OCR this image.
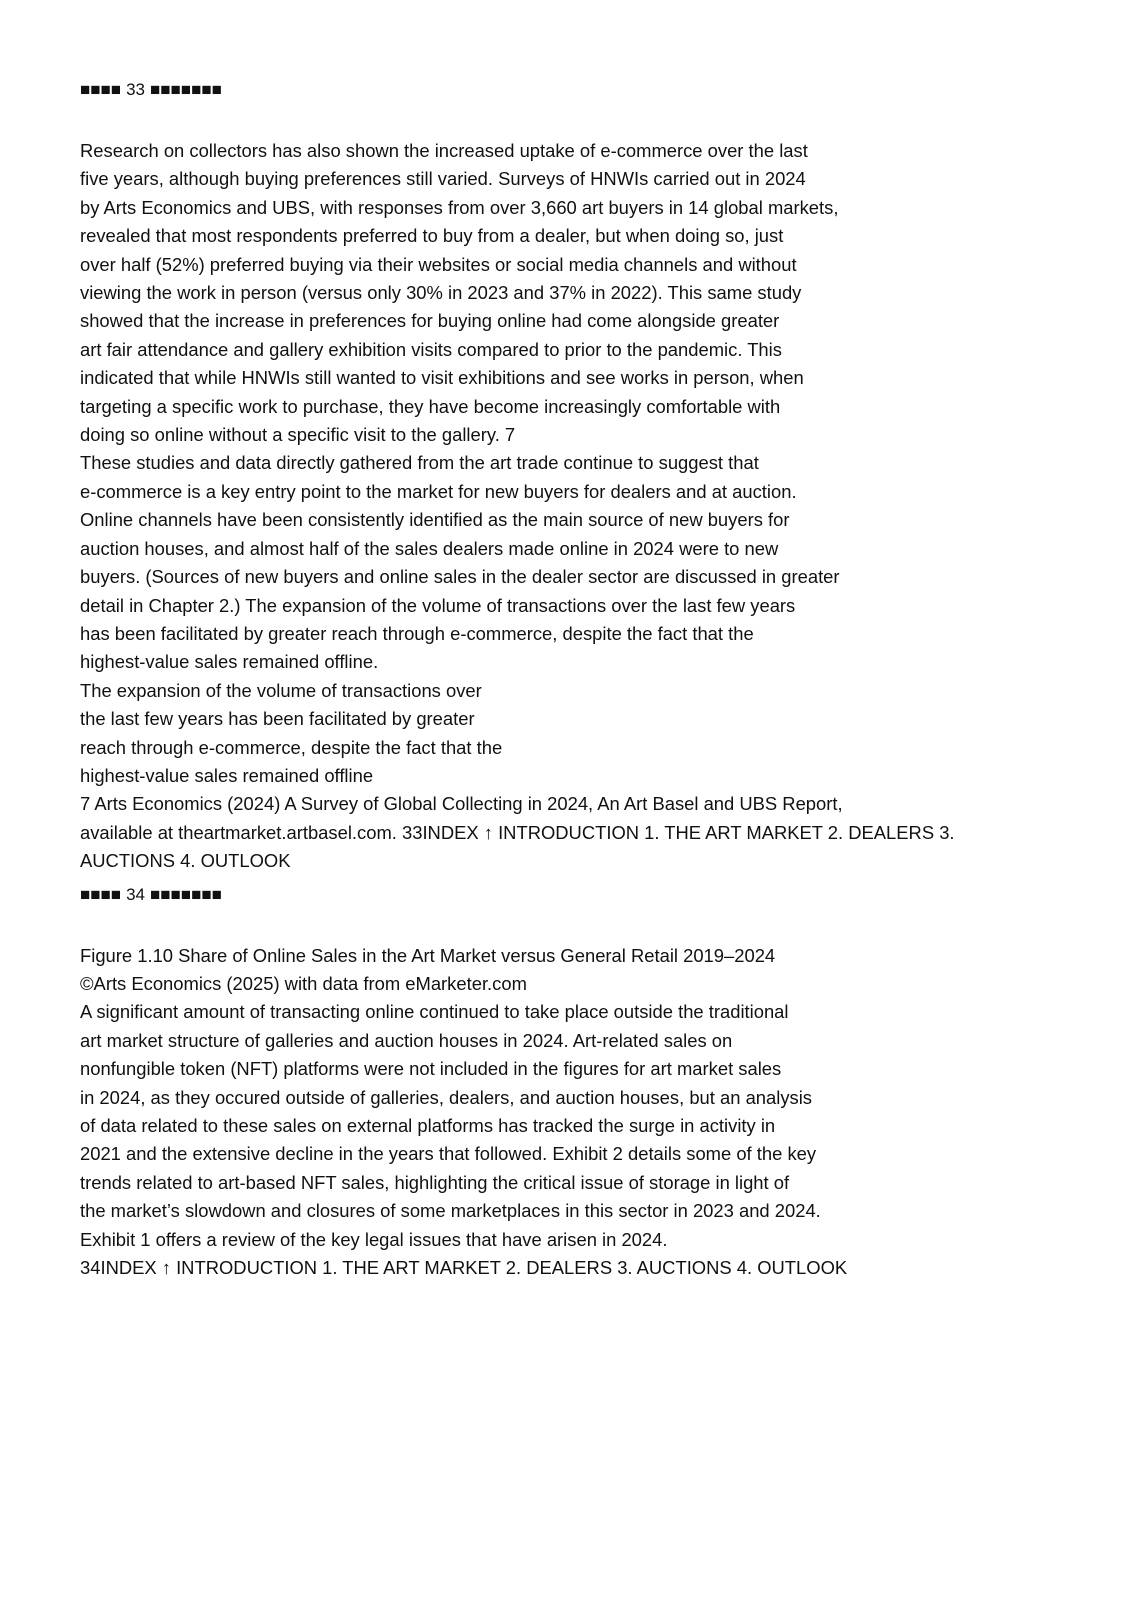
■■■■ 33 ■■■■■■■
Research on collectors has also shown the increased uptake of e-commerce over the last
five years, although buying preferences still varied. Surveys of HNWIs carried out in 2024
by Arts Economics and UBS, with responses from over 3,660 art buyers in 14 global markets,
revealed that most respondents preferred to buy from a dealer, but when doing so, just
over half (52%) preferred buying via their websites or social media channels and without
viewing the work in person (versus only 30% in 2023 and 37% in 2022). This same study
showed that the increase in preferences for buying online had come alongside greater
art fair attendance and gallery exhibition visits compared to prior to the pandemic. This
indicated that while HNWIs still wanted to visit exhibitions and see works in person, when
targeting a specific work to purchase, they have become increasingly comfortable with
doing so online without a specific visit to the gallery. 7
These studies and data directly gathered from the art trade continue to suggest that
e-commerce is a key entry point to the market for new buyers for dealers and at auction.
Online channels have been consistently identified as the main source of new buyers for
auction houses, and almost half of the sales dealers made online in 2024 were to new
buyers. (Sources of new buyers and online sales in the dealer sector are discussed in greater
detail in Chapter 2.) The expansion of the volume of transactions over the last few years
has been facilitated by greater reach through e-commerce, despite the fact that the
highest-value sales remained offline.
The expansion of the volume of transactions over
the last few years has been facilitated by greater
reach through e-commerce, despite the fact that the
highest-value sales remained offline
7 Arts Economics (2024) A Survey of Global Collecting in 2024, An Art Basel and UBS Report,
available at theartmarket.artbasel.com. 33INDEX ↑ INTRODUCTION 1. THE ART MARKET 2. DEALERS 3.
AUCTIONS 4. OUTLOOK
■■■■ 34 ■■■■■■■
Figure 1.10 Share of Online Sales in the Art Market versus General Retail 2019–2024
©Arts Economics (2025) with data from eMarketer.com
A significant amount of transacting online continued to take place outside the traditional
art market structure of galleries and auction houses in 2024. Art-related sales on
nonfungible token (NFT) platforms were not included in the figures for art market sales
in 2024, as they occured outside of galleries, dealers, and auction houses, but an analysis
of data related to these sales on external platforms has tracked the surge in activity in
2021 and the extensive decline in the years that followed. Exhibit 2 details some of the key
trends related to art-based NFT sales, highlighting the critical issue of storage in light of
the market’s slowdown and closures of some marketplaces in this sector in 2023 and 2024.
Exhibit 1 offers a review of the key legal issues that have arisen in 2024.
34INDEX ↑ INTRODUCTION 1. THE ART MARKET 2. DEALERS 3. AUCTIONS 4. OUTLOOK
